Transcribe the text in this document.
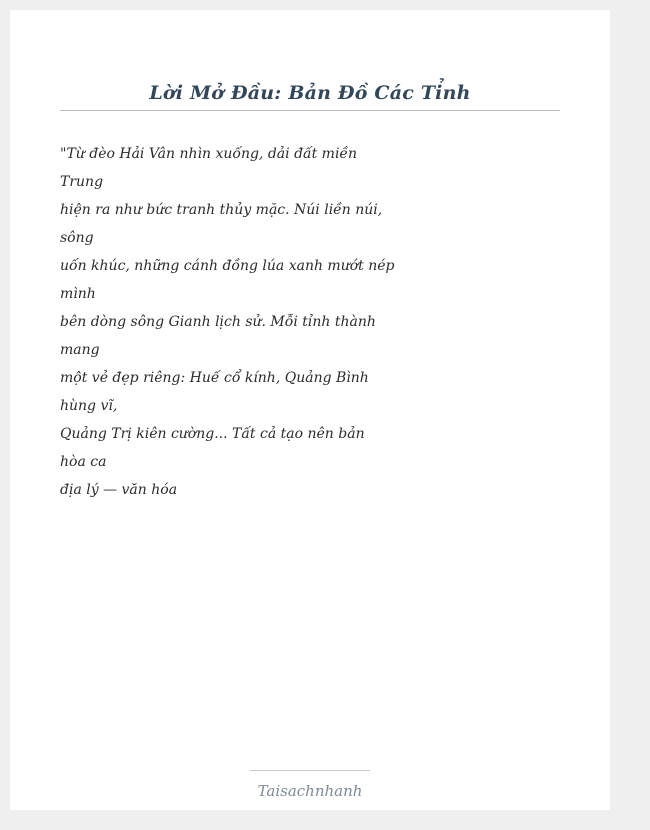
Lời Mở Đầu: Bản Đồ Các Tỉnh
"Từ đèo Hải Vân nhìn xuống, dải đất miền
Trung
hiện ra như bức tranh thủy mặc. Núi liền núi,
sông
uốn khúc, những cánh đồng lúa xanh mướt nép
mình
bên dòng sông Gianh lịch sử. Mỗi tỉnh thành
mang
một vẻ đẹp riêng: Huế cổ kính, Quảng Bình
hùng vĩ,
Quảng Trị kiên cường... Tất cả tạo nên bản
hòa ca
địa lý — văn hóa
Taisachnhanh
